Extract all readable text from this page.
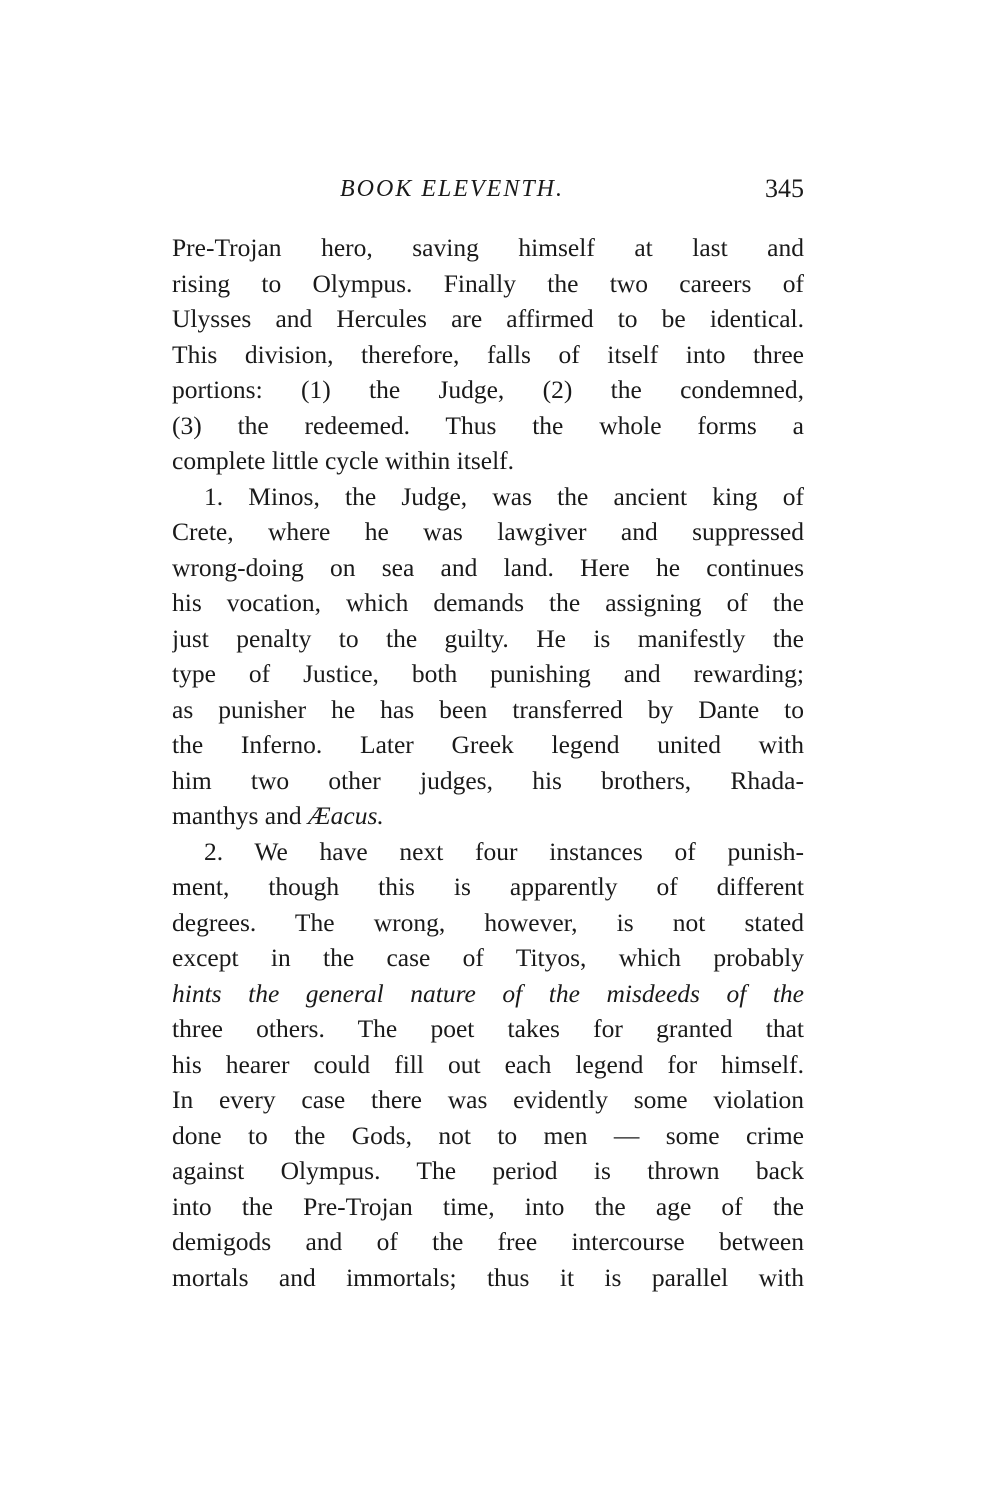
BOOK ELEVENTH.	345
Pre-Trojan hero, saving himself at last and
rising to Olympus. Finally the two careers of
Ulysses and Hercules are affirmed to be identical.
This division, therefore, falls of itself into three
portions: (1) the Judge, (2) the condemned,
(3) the redeemed. Thus the whole forms a
complete little cycle within itself.
1. Minos, the Judge, was the ancient king of
Crete, where he was lawgiver and suppressed
wrong-doing on sea and land. Here he continues
his vocation, which demands the assigning of the
just penalty to the guilty. He is manifestly the
type of Justice, both punishing and rewarding;
as punisher he has been transferred by Dante to
the Inferno. Later Greek legend united with
him two other judges, his brothers, Rhada-
manthys and Æacus.
2. We have next four instances of punish-
ment, though this is apparently of different
degrees. The wrong, however, is not stated
except in the case of Tityos, which probably
hints the general nature of the misdeeds of the
three others. The poet takes for granted that
his hearer could fill out each legend for himself.
In every case there was evidently some violation
done to the Gods, not to men — some crime
against Olympus. The period is thrown back
into the Pre-Trojan time, into the age of the
demigods and of the free intercourse between
mortals and immortals; thus it is parallel with
